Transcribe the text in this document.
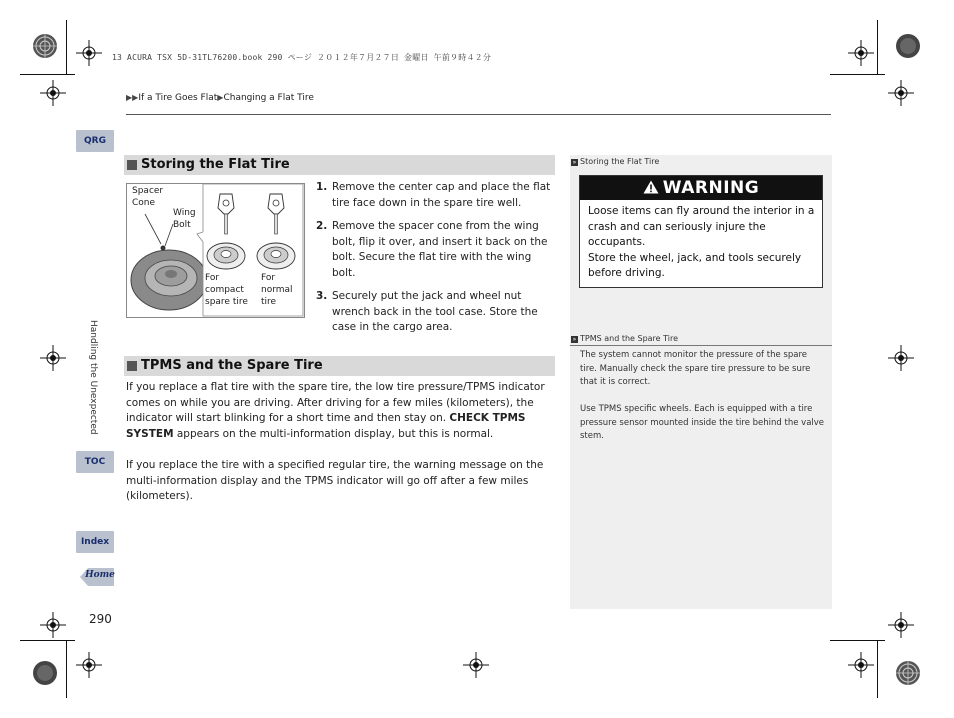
13 ACURA TSX 5D-31TL76200.book 290 ページ ２０１２年７月２７日 金曜日 午前９時４２分
▶▶If a Tire Goes Flat▶Changing a Flat Tire
QRG
Handling the Unexpected
TOC
Index
Home
290
Storing the Flat Tire
Spacer
Cone
Wing
Bolt
For
compact
spare tire
For
normal
tire
1. Remove the center cap and place the flat tire face down in the spare tire well.
2. Remove the spacer cone from the wing bolt, flip it over, and insert it back on the bolt. Secure the flat tire with the wing bolt.
3. Securely put the jack and wheel nut wrench back in the tool case. Store the case in the cargo area.
TPMS and the Spare Tire
If you replace a flat tire with the spare tire, the low tire pressure/TPMS indicator comes on while you are driving. After driving for a few miles (kilometers), the indicator will start blinking for a short time and then stay on. CHECK TPMS SYSTEM appears on the multi-information display, but this is normal.
If you replace the tire with a specified regular tire, the warning message on the multi-information display and the TPMS indicator will go off after a few miles (kilometers).
» Storing the Flat Tire
WARNING
Loose items can fly around the interior in a crash and can seriously injure the occupants.
Store the wheel, jack, and tools securely before driving.
» TPMS and the Spare Tire
The system cannot monitor the pressure of the spare tire. Manually check the spare tire pressure to be sure that it is correct.
Use TPMS specific wheels. Each is equipped with a tire pressure sensor mounted inside the tire behind the valve stem.
